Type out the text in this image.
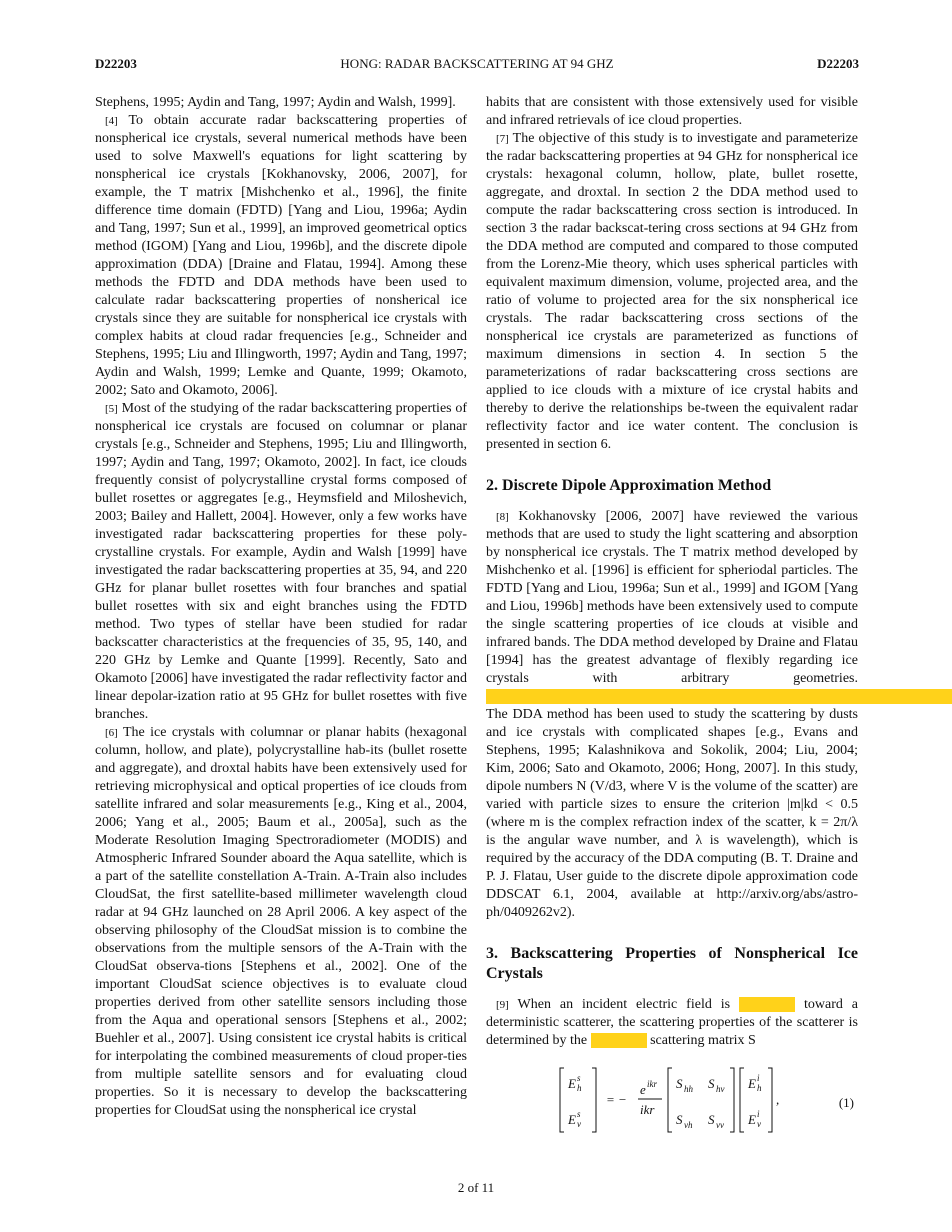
D22203	HONG: RADAR BACKSCATTERING AT 94 GHZ	D22203

Stephens, 1995; Aydin and Tang, 1997; Aydin and Walsh, 1999].

[4] To obtain accurate radar backscattering properties of nonspherical ice crystals, several numerical methods have been used to solve Maxwell's equations for light scattering by nonspherical ice crystals [Kokhanovsky, 2006, 2007], for example, the T matrix [Mishchenko et al., 1996], the finite difference time domain (FDTD) [Yang and Liou, 1996a; Aydin and Tang, 1997; Sun et al., 1999], an improved geometrical optics method (IGOM) [Yang and Liou, 1996b], and the discrete dipole approximation (DDA) [Draine and Flatau, 1994]. Among these methods the FDTD and DDA methods have been used to calculate radar backscattering properties of nonsherical ice crystals since they are suitable for nonspherical ice crystals with complex habits at cloud radar frequencies [e.g., Schneider and Stephens, 1995; Liu and Illingworth, 1997; Aydin and Tang, 1997; Aydin and Walsh, 1999; Lemke and Quante, 1999; Okamoto, 2002; Sato and Okamoto, 2006].

[5] Most of the studying of the radar backscattering properties of nonspherical ice crystals are focused on columnar or planar crystals [e.g., Schneider and Stephens, 1995; Liu and Illingworth, 1997; Aydin and Tang, 1997; Okamoto, 2002]. In fact, ice clouds frequently consist of polycrystalline crystal forms composed of bullet rosettes or aggregates [e.g., Heymsfield and Miloshevich, 2003; Bailey and Hallett, 2004]. However, only a few works have investigated radar backscattering properties for these poly-crystalline crystals. For example, Aydin and Walsh [1999] have investigated the radar backscattering properties at 35, 94, and 220 GHz for planar bullet rosettes with four branches and spatial bullet rosettes with six and eight branches using the FDTD method. Two types of stellar have been studied for radar backscatter characteristics at the frequencies of 35, 95, 140, and 220 GHz by Lemke and Quante [1999]. Recently, Sato and Okamoto [2006] have investigated the radar reflectivity factor and linear depolar-ization ratio at 95 GHz for bullet rosettes with five branches.

[6] The ice crystals with columnar or planar habits (hexagonal column, hollow, and plate), polycrystalline hab-its (bullet rosette and aggregate), and droxtal habits have been extensively used for retrieving microphysical and optical properties of ice clouds from satellite infrared and solar measurements [e.g., King et al., 2004, 2006; Yang et al., 2005; Baum et al., 2005a], such as the Moderate Resolution Imaging Spectroradiometer (MODIS) and Atmospheric Infrared Sounder aboard the Aqua satellite, which is a part of the satellite constellation A-Train. A-Train also includes CloudSat, the first satellite-based millimeter wavelength cloud radar at 94 GHz launched on 28 April 2006. A key aspect of the observing philosophy of the CloudSat mission is to combine the observations from the multiple sensors of the A-Train with the CloudSat observa-tions [Stephens et al., 2002]. One of the important CloudSat science objectives is to evaluate cloud properties derived from other satellite sensors including those from the Aqua and operational sensors [Stephens et al., 2002; Buehler et al., 2007]. Using consistent ice crystal habits is critical for interpolating the combined measurements of cloud proper-ties from multiple satellite sensors and for evaluating cloud properties. So it is necessary to develop the backscattering properties for CloudSat using the nonspherical ice crystal

habits that are consistent with those extensively used for visible and infrared retrievals of ice cloud properties.

[7] The objective of this study is to investigate and parameterize the radar backscattering properties at 94 GHz for nonspherical ice crystals: hexagonal column, hollow, plate, bullet rosette, aggregate, and droxtal. In section 2 the DDA method used to compute the radar backscattering cross section is introduced. In section 3 the radar backscat-tering cross sections at 94 GHz from the DDA method are computed and compared to those computed from the Lorenz-Mie theory, which uses spherical particles with equivalent maximum dimension, volume, projected area, and the ratio of volume to projected area for the six nonspherical ice crystals. The radar backscattering cross sections of the nonspherical ice crystals are parameterized as functions of maximum dimensions in section 4. In section 5 the parameterizations of radar backscattering cross sections are applied to ice clouds with a mixture of ice crystal habits and thereby to derive the relationships be-tween the equivalent radar reflectivity factor and ice water content. The conclusion is presented in section 6.

2. Discrete Dipole Approximation Method

[8] Kokhanovsky [2006, 2007] have reviewed the various methods that are used to study the light scattering and absorption by nonspherical ice crystals. The T matrix method developed by Mishchenko et al. [1996] is efficient for spheriodal particles. The FDTD [Yang and Liou, 1996a; Sun et al., 1999] and IGOM [Yang and Liou, 1996b] methods have been extensively used to compute the single scattering properties of ice clouds at visible and infrared bands. The DDA method developed by Draine and Flatau [1994] has the greatest advantage of flexibly regarding ice crystals with arbitrary geometries.                                               The DDA method has been used to study the scattering by dusts and ice crystals with complicated shapes [e.g., Evans and Stephens, 1995; Kalashnikova and Sokolik, 2004; Liu, 2004; Kim, 2006; Sato and Okamoto, 2006; Hong, 2007]. In this study, dipole numbers N (V/d3, where V is the volume of the scatter) are varied with particle sizes to ensure the criterion |m|kd < 0.5 (where m is the complex refraction index of the scatter, k = 2π/λ is the angular wave number, and λ is wavelength), which is required by the accuracy of the DDA computing (B. T. Draine and P. J. Flatau, User guide to the discrete dipole approximation code DDSCAT 6.1, 2004, available at http://arxiv.org/abs/astro-ph/0409262v2).

3. Backscattering Properties of Nonspherical Ice Crystals

[9] When an incident electric field is     	toward a deterministic scatterer, the scattering properties of the scatterer is determined by the     	scattering matrix S

E s
h
E s
v
= −
e ikr
ikr
S hh S hv
S vh S vv
E i
h
E i
v
,	(1)
2 of 11
